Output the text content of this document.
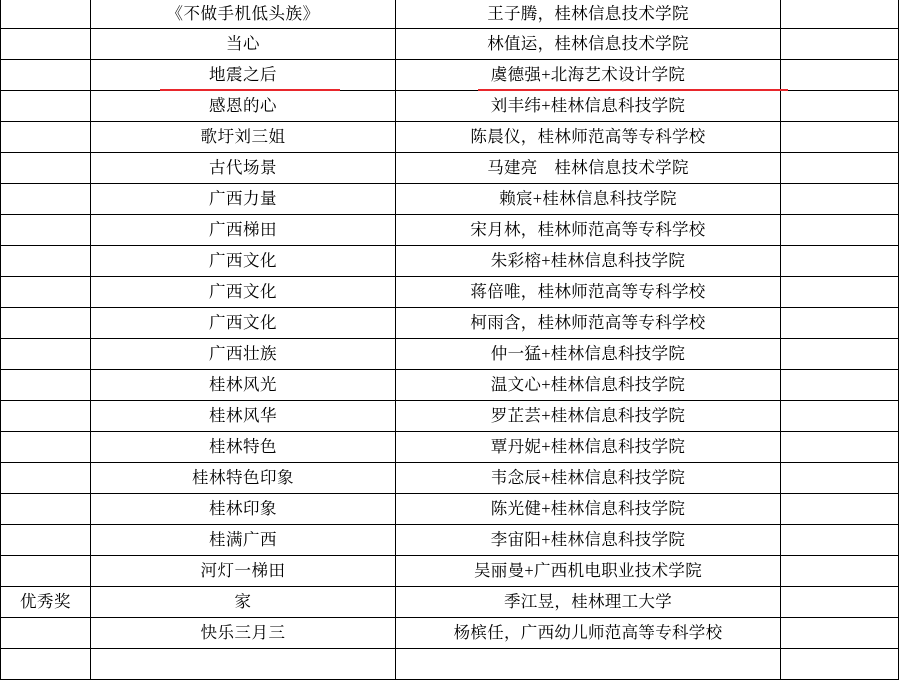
	《不做手机低头族》	王子腾，桂林信息技术学院	
	当心	林值运，桂林信息技术学院	
	地震之后	虞德强+北海艺术设计学院	
	感恩的心	刘丰纬+桂林信息科技学院	
	歌圩刘三姐	陈晨仪，桂林师范高等专科学校	
	古代场景	马建亮　桂林信息技术学院	
	广西力量	赖宸+桂林信息科技学院	
	广西梯田	宋月林，桂林师范高等专科学校	
	广西文化	朱彩榕+桂林信息科技学院	
	广西文化	蒋倍唯，桂林师范高等专科学校	
	广西文化	柯雨含，桂林师范高等专科学校	
	广西壮族	仲一猛+桂林信息科技学院	
	桂林风光	温文心+桂林信息科技学院	
	桂林风华	罗芷芸+桂林信息科技学院	
	桂林特色	覃丹妮+桂林信息科技学院	
	桂林特色印象	韦念辰+桂林信息科技学院	
	桂林印象	陈光健+桂林信息科技学院	
	桂满广西	李宙阳+桂林信息科技学院	
	河灯一梯田	吴丽曼+广西机电职业技术学院	
优秀奖	家	季江昱，桂林理工大学	
	快乐三月三	杨槟任，广西幼儿师范高等专科学校	
